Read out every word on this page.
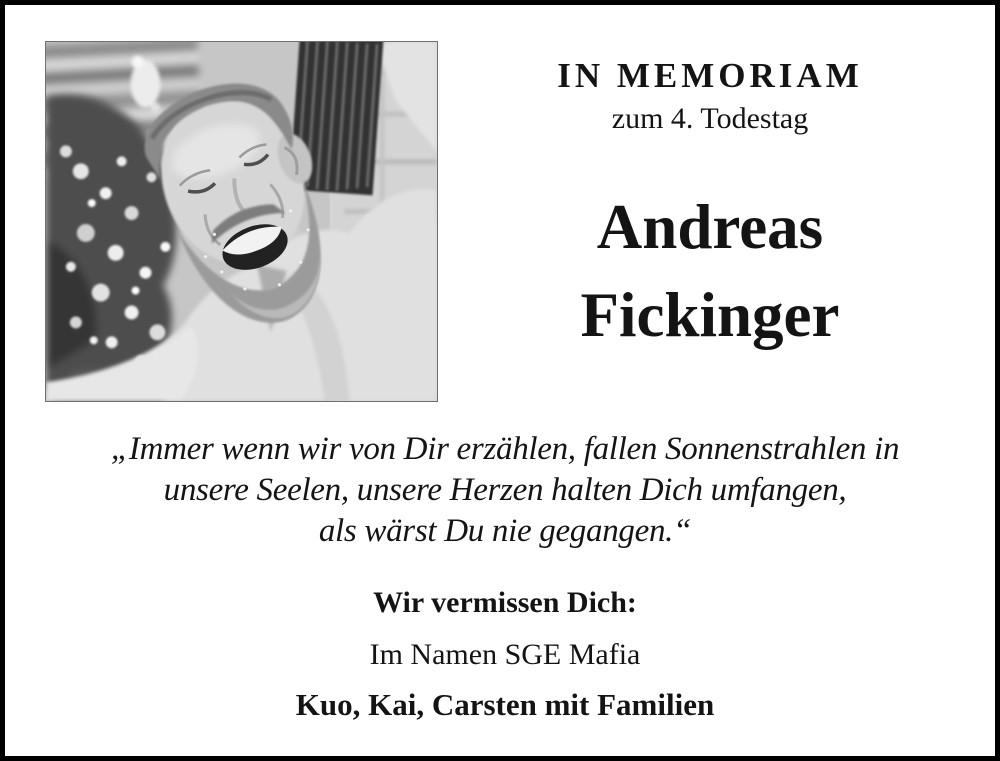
IN MEMORIAM
zum 4. Todestag
Andreas
Fickinger
„Immer wenn wir von Dir erzählen, fallen Sonnenstrahlen in
unsere Seelen, unsere Herzen halten Dich umfangen,
als wärst Du nie gegangen.“
Wir vermissen Dich:
Im Namen SGE Mafia
Kuo, Kai, Carsten mit Familien
